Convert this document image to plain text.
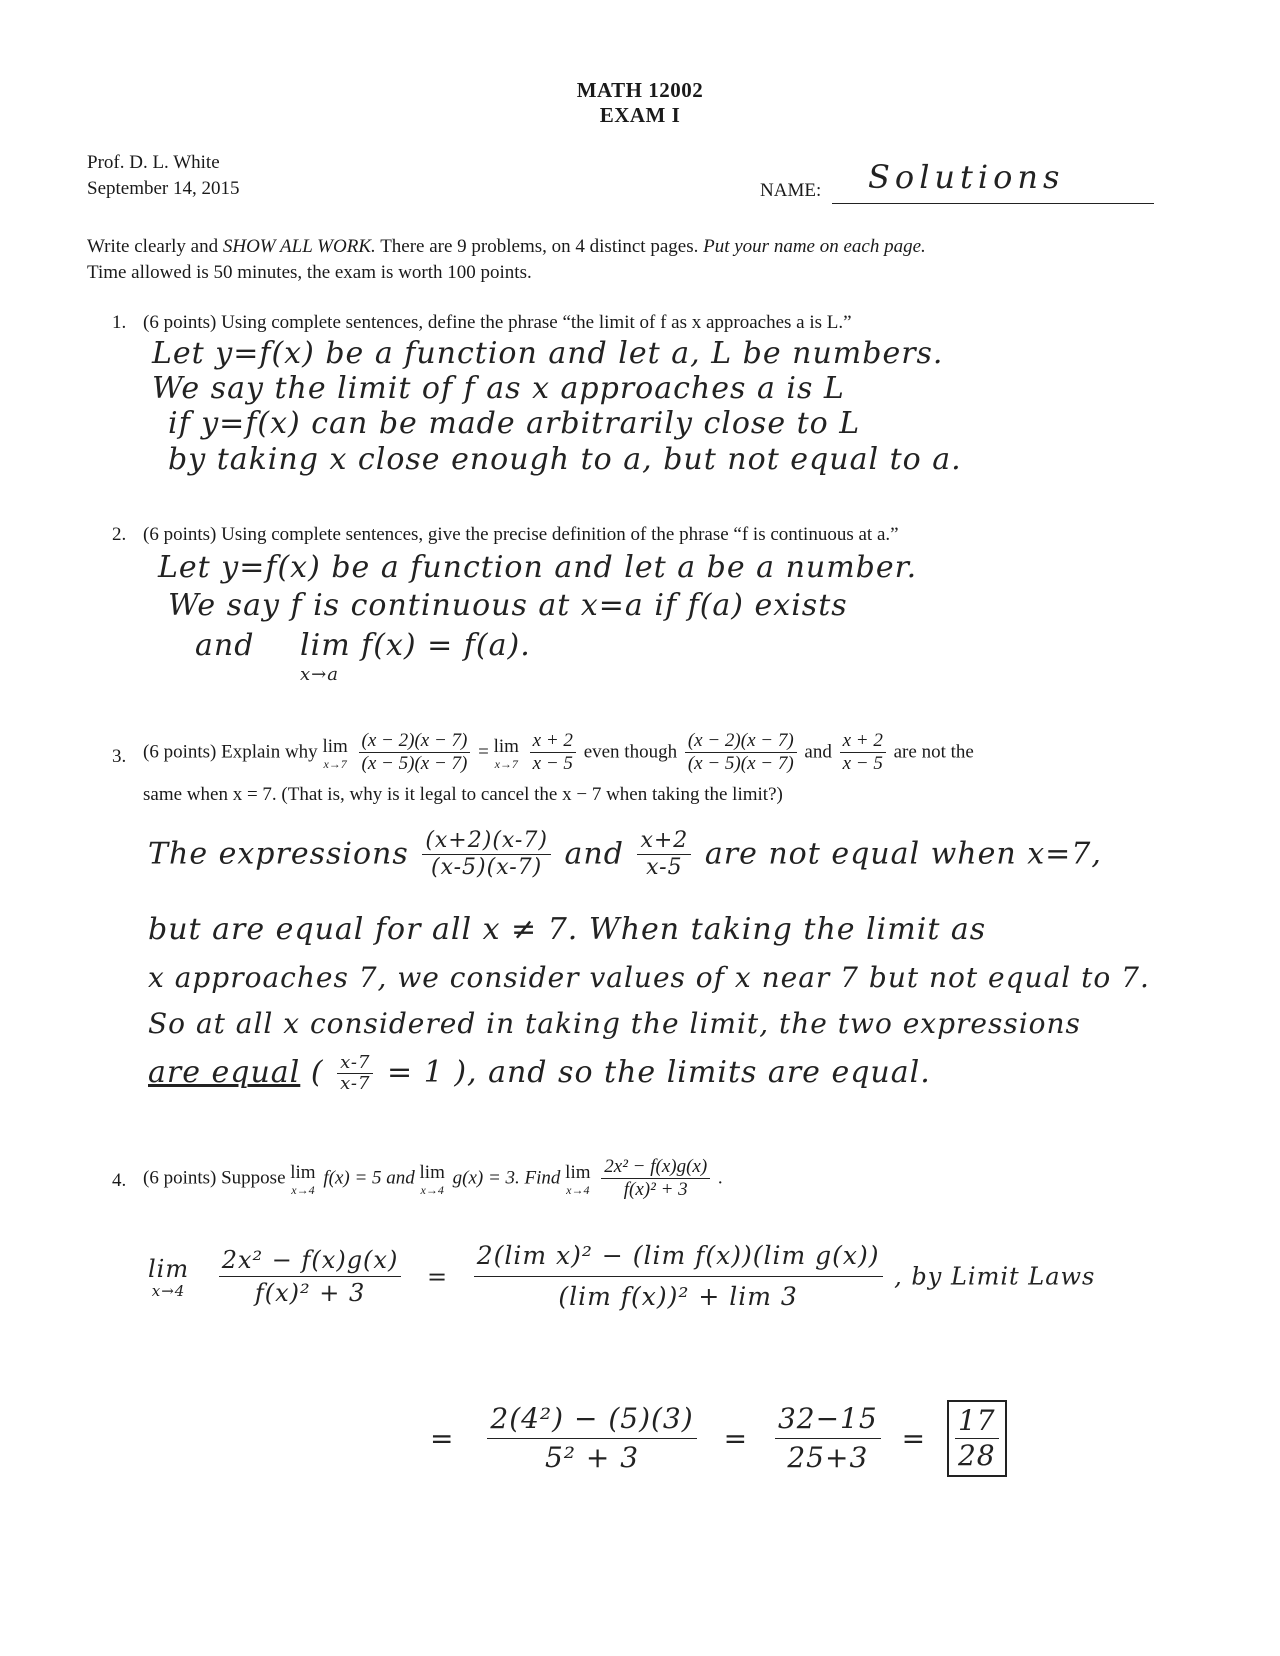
MATH 12002
EXAM I
Prof. D. L. White
September 14, 2015	NAME: Solutions
Write clearly and SHOW ALL WORK. There are 9 problems, on 4 distinct pages. Put your name on each page.
Time allowed is 50 minutes, the exam is worth 100 points.
1. (6 points) Using complete sentences, define the phrase “the limit of f as x approaches a is L.”
Let y=f(x) be a function and let a, L be numbers.
We say the limit of f as x approaches a is L
if y=f(x) can be made arbitrarily close to L
by taking x close enough to a, but not equal to a.
2. (6 points) Using complete sentences, give the precise definition of the phrase “f is continuous at a.”
Let y=f(x) be a function and let a be a number.
We say f is continuous at x=a if f(a) exists
and lim f(x) = f(a).
x→a
3. (6 points) Explain why lim
x→7
$\frac{(x - 2)(x - 7)}{(x - 5)(x - 7)} = \lim$
x→7
$\frac{x + 2}{x - 5}$ even though $\frac{(x - 2)(x - 7)}{(x - 5)(x - 7)}$ and $\frac{x + 2}{x - 5}$ are not the
same when x = 7. (That is, why is it legal to cancel the x − 7 when taking the limit?)
The expressions $\frac{(x+2)(x-7)}{(x-5)(x-7)}$ and $\frac{x+2}{x-5}$ are not equal when x=7,
but are equal for all x ≠ 7. When taking the limit as
x approaches 7, we consider values of x near 7 but not equal to 7.
So at all x considered in taking the limit, the two expressions
are equal ( $\frac{x-7}{x-7} = 1$ ), and so the limits are equal.
4. (6 points) Suppose lim
x→4
f(x) = 5 and lim
x→4
g(x) = 3. Find lim
x→4
$\frac{\text{2x² − f(x)g(x)}}{\text{f(x)² + 3}}$ .
lim
x→4
$\frac{\text{2x² − f(x)g(x)}}{\text{f(x)² + 3}} = \frac{\text{2(lim x)² − (lim f(x))(lim g(x))}}{\text{(lim f(x))² + lim 3}}$ , by Limit Laws
= $\frac{\text{2(4²) − (5)(3)}}{\text{5² + 3}} = \frac{32-15}{25+3} = \frac{17}{28}$
